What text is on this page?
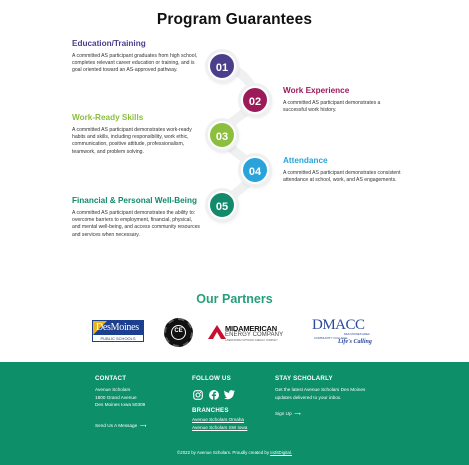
Program Guarantees
01
02
03
04
05
Education/Training
A committed AS participant graduates from high school, completes relevant career education or training, and is goal oriented toward an AS-approved pathway.
Work Experience
A committed AS participant demonstrates a successful work history.
Work-Ready Skills
A committed AS participant demonstrates work-ready habits and skills, including responsibility, work ethic, communication, positive attitude, professionalism, teamwork, and problem solving.
Attendance
A committed AS participant demonstrates consistent attendance at school, work, and AS engagements.
Financial & Personal Well-Being
A committed AS participant demonstrates the ability to: overcome barriers to employment, financial, physical, and mental well-being, and access community resources and services when necessary.
Our Partners
DesMoines
PUBLIC SCHOOLS
CE	MIDAMERICAN
ENERGY COMPANY
A BERKSHIRE HATHAWAY ENERGY COMPANY
DMACC
DES MOINES AREA
COMMUNITY COLLEGE
Life's Calling
CONTACT
Avenue Scholars
1800 Grand Avenue
Des Moines Iowa 50309
Send Us A Message  ⟶
FOLLOW US
BRANCHES
Avenue Scholars Omaha
Avenue Scholars SW Iowa
STAY SCHOLARLY
Get the latest Avenue Scholars Des Moines
updates delivered to your inbox.
Sign Up  ⟶
©2022 by Avenue Scholars. Proudly created by In2itDigital.
